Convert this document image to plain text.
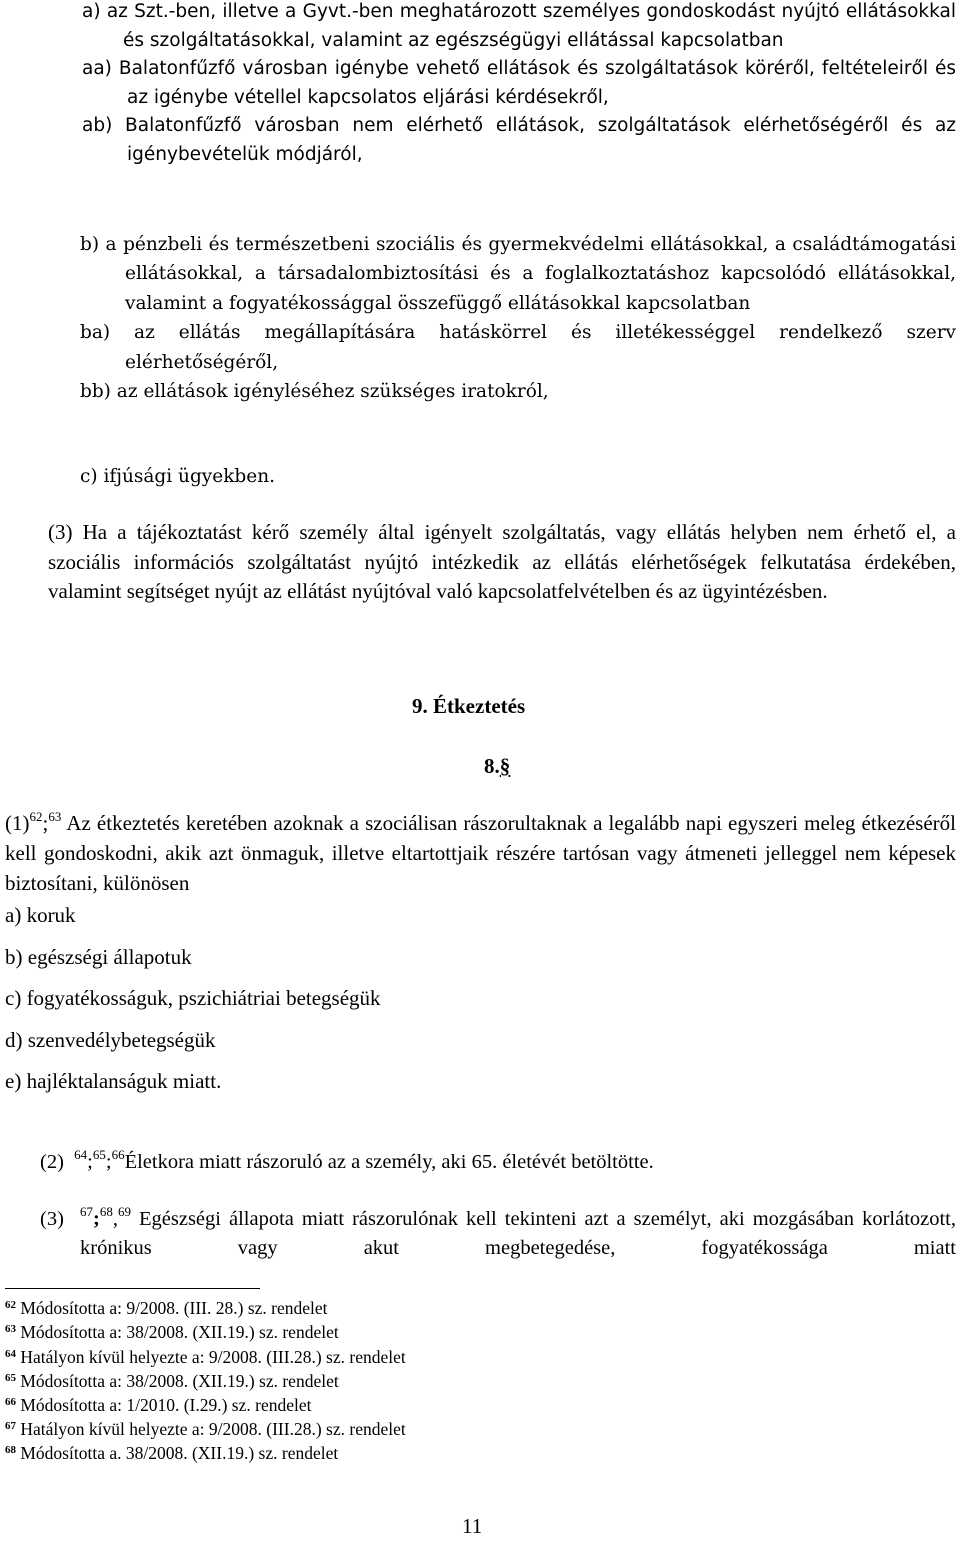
a) az Szt.-ben, illetve a Gyvt.-ben meghatározott személyes gondoskodást nyújtó ellátásokkal és szolgáltatásokkal, valamint az egészségügyi ellátással kapcsolatban

aa) Balatonfűzfő városban igénybe vehető ellátások és szolgáltatások köréről, feltételeiről és az igénybe vétellel kapcsolatos eljárási kérdésekről,

ab) Balatonfűzfő városban nem elérhető ellátások, szolgáltatások elérhetőségéről és az igénybevételük módjáról,

b) a pénzbeli és természetbeni szociális és gyermekvédelmi ellátásokkal, a családtámogatási ellátásokkal, a társadalombiztosítási és a foglalkoztatáshoz kapcsolódó ellátásokkal, valamint a fogyatékossággal összefüggő ellátásokkal kapcsolatban

ba) az ellátás megállapítására hatáskörrel és illetékességgel rendelkező szerv elérhetőségéről,

bb) az ellátások igényléséhez szükséges iratokról,

c) ifjúsági ügyekben.
(3) Ha a tájékoztatást kérő személy által igényelt szolgáltatás, vagy ellátás helyben nem érhető el, a szociális információs szolgáltatást nyújtó intézkedik az ellátás elérhetőségek felkutatása érdekében, valamint segítséget nyújt az ellátást nyújtóval való kapcsolatfelvételben és az ügyintézésben.
9. Étkeztetés
8.§
(1)$^{62}$;$^{63}$ Az étkeztetés keretében azoknak a szociálisan rászorultaknak a legalább napi egyszeri meleg étkezéséről kell gondoskodni, akik azt önmaguk, illetve eltartottjaik részére tartósan vagy átmeneti jelleggel nem képesek biztosítani, különösen
a) koruk
b) egészségi állapotuk
c) fogyatékosságuk, pszichiátriai betegségük
d) szenvedélybetegségük
e) hajléktalanságuk miatt.
(2) $^{64}$;$^{65}$;$^{66}$Életkora miatt rászoruló az a személy, aki 65. életévét betöltötte.
(3)	$^{67}$;$^{68}$,$^{69}$ Egészségi állapota miatt rászorulónak kell tekinteni azt a személyt, aki mozgásában korlátozott, krónikus vagy akut megbetegedése, fogyatékossága miatt
$^{62}$ Módosította a: 9/2008. (III. 28.) sz. rendelet
$^{63}$ Módosította a: 38/2008. (XII.19.) sz. rendelet
$^{64}$ Hatályon kívül helyezte a: 9/2008. (III.28.) sz. rendelet
$^{65}$ Módosította a: 38/2008. (XII.19.) sz. rendelet
$^{66}$ Módosította a: 1/2010. (I.29.) sz. rendelet
$^{67}$ Hatályon kívül helyezte a: 9/2008. (III.28.) sz. rendelet
$^{68}$ Módosította a. 38/2008. (XII.19.) sz. rendelet
11
